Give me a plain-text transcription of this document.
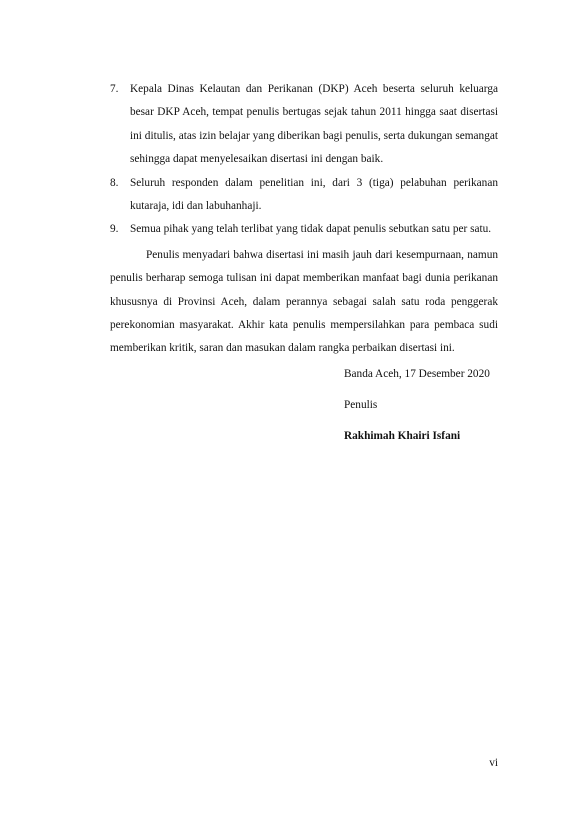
7. Kepala Dinas Kelautan dan Perikanan (DKP) Aceh beserta seluruh keluarga besar DKP Aceh, tempat penulis bertugas sejak tahun 2011 hingga saat disertasi ini ditulis, atas izin belajar yang diberikan bagi penulis, serta dukungan semangat sehingga dapat menyelesaikan disertasi ini dengan baik.
8. Seluruh responden dalam penelitian ini, dari 3 (tiga) pelabuhan perikanan kutaraja, idi dan labuhanhaji.
9. Semua pihak yang telah terlibat yang tidak dapat penulis sebutkan satu per satu.
Penulis menyadari bahwa disertasi ini masih jauh dari kesempurnaan, namun penulis berharap semoga tulisan ini dapat memberikan manfaat bagi dunia perikanan khususnya di Provinsi Aceh, dalam perannya sebagai salah satu roda penggerak perekonomian masyarakat. Akhir kata penulis mempersilahkan para pembaca sudi memberikan kritik, saran dan masukan dalam rangka perbaikan disertasi ini.
Banda Aceh, 17 Desember 2020
Penulis
Rakhimah Khairi Isfani
vi
